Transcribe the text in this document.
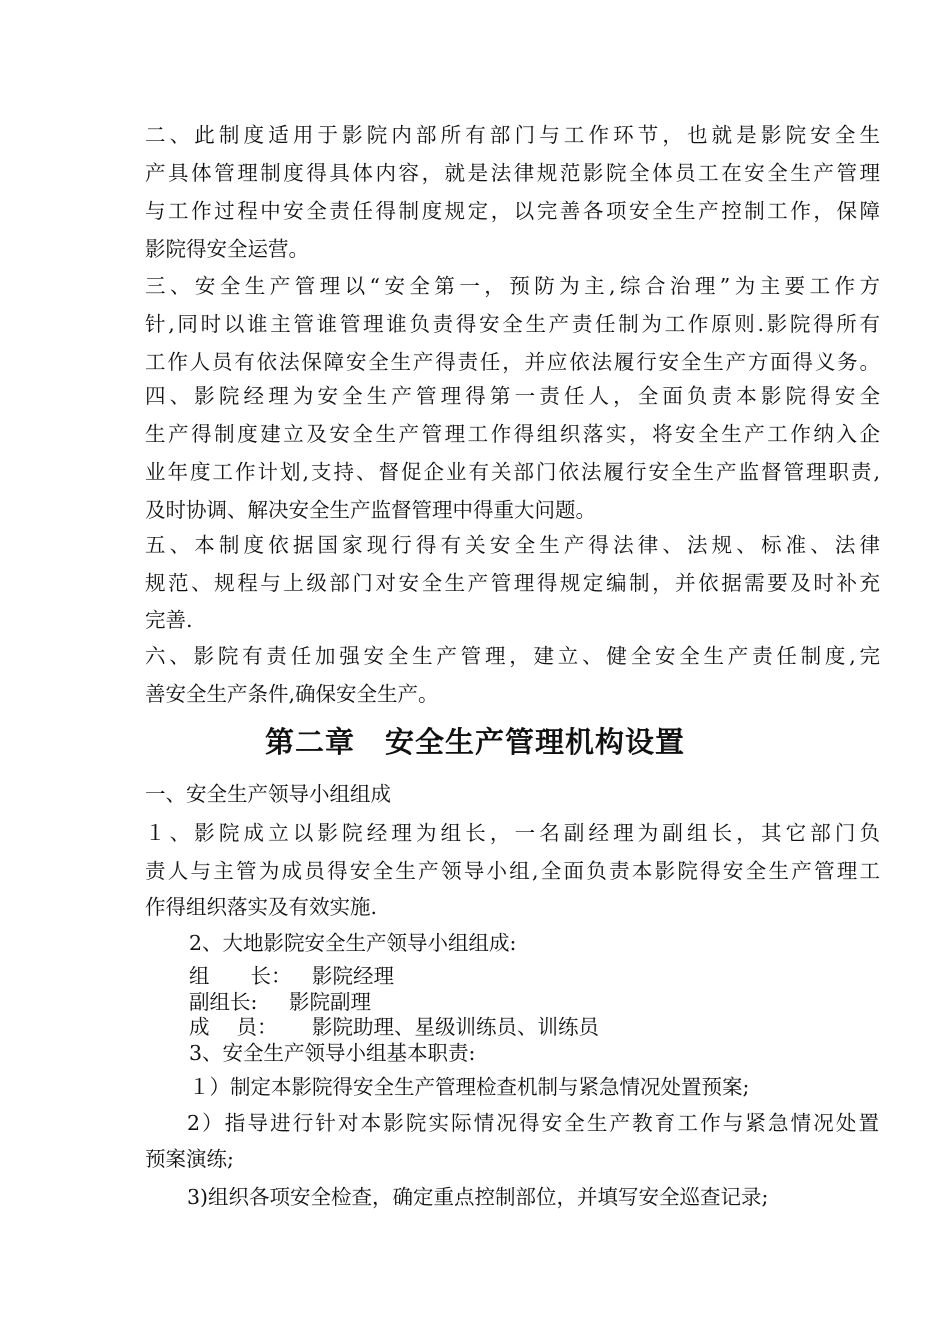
二、此制度适用于影院内部所有部门与工作环节，也就是影院安全生
产具体管理制度得具体内容，就是法律规范影院全体员工在安全生产管理
与工作过程中安全责任得制度规定，以完善各项安全生产控制工作，保障
影院得安全运营。
三、安全生产管理以“安全第一，预防为主,综合治理”为主要工作方
针,同时以谁主管谁管理谁负责得安全生产责任制为工作原则.影院得所有
工作人员有依法保障安全生产得责任，并应依法履行安全生产方面得义务。
四、影院经理为安全生产管理得第一责任人，全面负责本影院得安全
生产得制度建立及安全生产管理工作得组织落实，将安全生产工作纳入企
业年度工作计划,支持、督促企业有关部门依法履行安全生产监督管理职责,
及时协调、解决安全生产监督管理中得重大问题。
五、本制度依据国家现行得有关安全生产得法律、法规、标准、法律
规范、规程与上级部门对安全生产管理得规定编制，并依据需要及时补充
完善.
六、影院有责任加强安全生产管理，建立、健全安全生产责任制度,完
善安全生产条件,确保安全生产。
第二章　安全生产管理机构设置
一、安全生产领导小组组成
１、影院成立以影院经理为组长，一名副经理为副组长，其它部门负
责人与主管为成员得安全生产领导小组,全面负责本影院得安全生产管理工
作得组织落实及有效实施.
2、大地影院安全生产领导小组组成:
组　　长： 影院经理
副组长: 影院副理
成　 员： 影院助理、星级训练员、训练员
3、安全生产领导小组基本职责:
１）制定本影院得安全生产管理检查机制与紧急情况处置预案;
2）指导进行针对本影院实际情况得安全生产教育工作与紧急情况处置
预案演练;
3)组织各项安全检查，确定重点控制部位，并填写安全巡查记录;
